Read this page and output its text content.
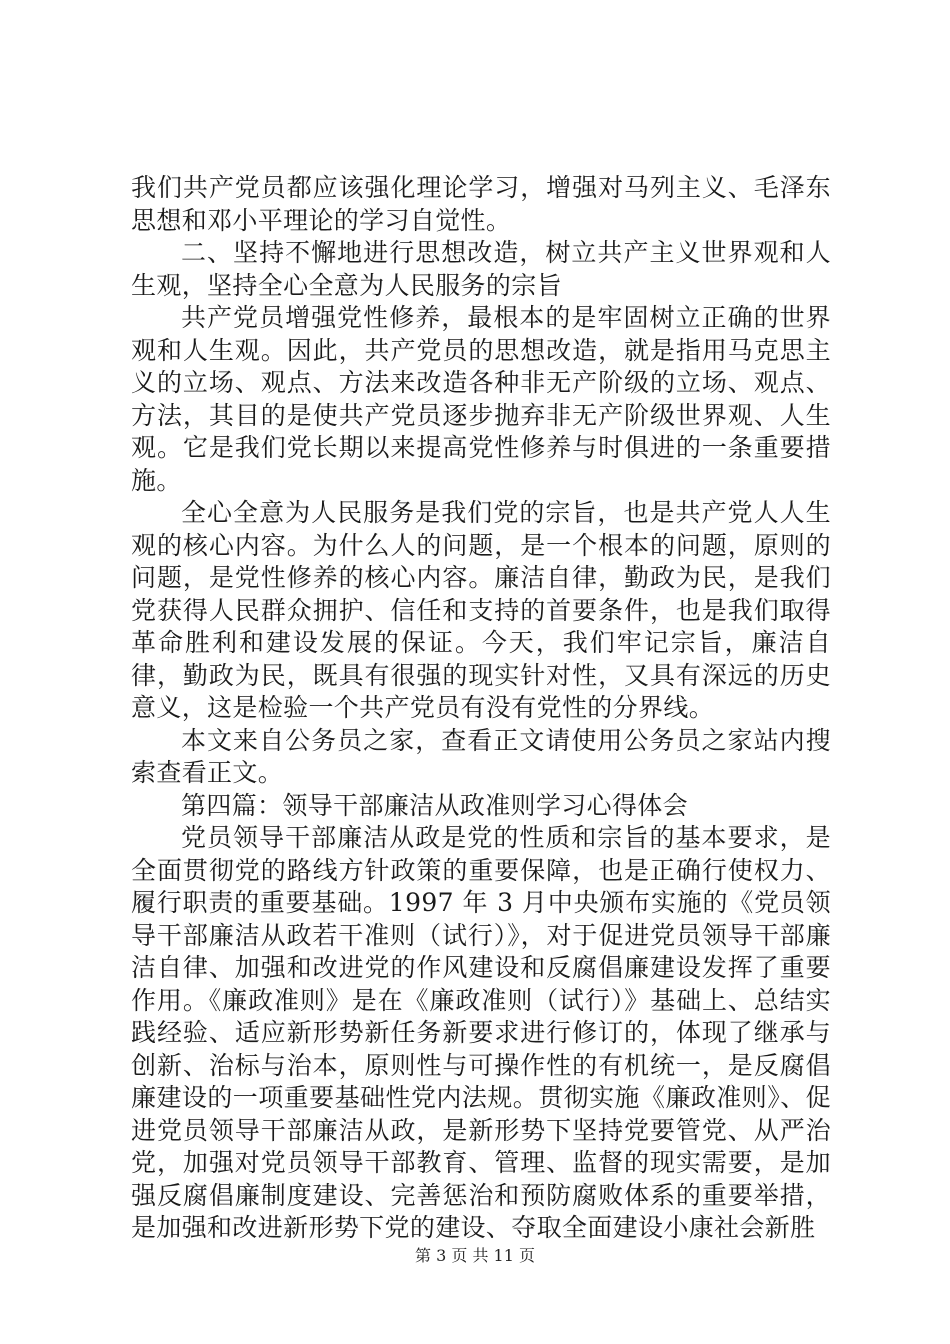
我们共产党员都应该强化理论学习，增强对马列主义、毛泽东思想和邓小平理论的学习自觉性。

二、坚持不懈地进行思想改造，树立共产主义世界观和人生观，坚持全心全意为人民服务的宗旨

共产党员增强党性修养，最根本的是牢固树立正确的世界观和人生观。因此，共产党员的思想改造，就是指用马克思主义的立场、观点、方法来改造各种非无产阶级的立场、观点、方法，其目的是使共产党员逐步抛弃非无产阶级世界观、人生观。它是我们党长期以来提高党性修养与时俱进的一条重要措施。

全心全意为人民服务是我们党的宗旨，也是共产党人人生观的核心内容。为什么人的问题，是一个根本的问题，原则的问题，是党性修养的核心内容。廉洁自律，勤政为民，是我们党获得人民群众拥护、信任和支持的首要条件，也是我们取得革命胜利和建设发展的保证。今天，我们牢记宗旨，廉洁自律，勤政为民，既具有很强的现实针对性，又具有深远的历史意义，这是检验一个共产党员有没有党性的分界线。

本文来自公务员之家，查看正文请使用公务员之家站内搜索查看正文。

第四篇：领导干部廉洁从政准则学习心得体会

党员领导干部廉洁从政是党的性质和宗旨的基本要求，是全面贯彻党的路线方针政策的重要保障，也是正确行使权力、履行职责的重要基础。1997 年 3 月中央颁布实施的《党员领导干部廉洁从政若干准则（试行）》，对于促进党员领导干部廉洁自律、加强和改进党的作风建设和反腐倡廉建设发挥了重要作用。《廉政准则》是在《廉政准则（试行）》基础上、总结实践经验、适应新形势新任务新要求进行修订的，体现了继承与创新、治标与治本，原则性与可操作性的有机统一，是反腐倡廉建设的一项重要基础性党内法规。贯彻实施《廉政准则》、促进党员领导干部廉洁从政，是新形势下坚持党要管党、从严治党，加强对党员领导干部教育、管理、监督的现实需要，是加强反腐倡廉制度建设、完善惩治和预防腐败体系的重要举措，是加强和改进新形势下党的建设、夺取全面建设小康社会新胜

第 3 页 共 11 页
